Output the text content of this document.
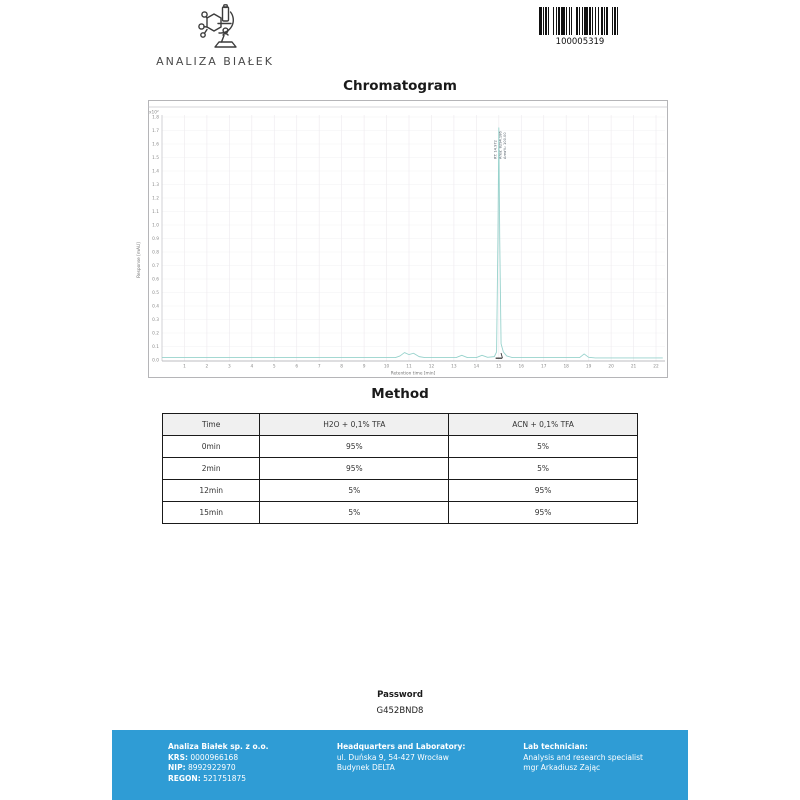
ANALIZA BIAŁEK
100005319
Chromatogram
0.0
0.1
0.2
0.3
0.4
0.5
0.6
0.7
0.8
0.9
1.0
1.1
1.2
1.3
1.4
1.5
1.6
1.7
1.8
x10²
1	2	3	4	5	6	7	8	9	10	11	12	13	14	15	16	17	18	19	20	21	22
Retention time [min]
Response [mAU]
RT: 14.972 Area: 8294.186 Area%: 100.00
Method
Time	H2O + 0,1% TFA	ACN + 0,1% TFA
0min	95%	5%
2min	95%	5%
12min	5%	95%
15min	5%	95%
Password
G452BND8
Analiza Białek sp. z o.o.
KRS: 0000966168
NIP: 8992922970
REGON: 521751875
Headquarters and Laboratory:
ul. Duńska 9, 54-427 Wrocław
Budynek DELTA
Lab technician:
Analysis and research specialist
mgr Arkadiusz Zając
